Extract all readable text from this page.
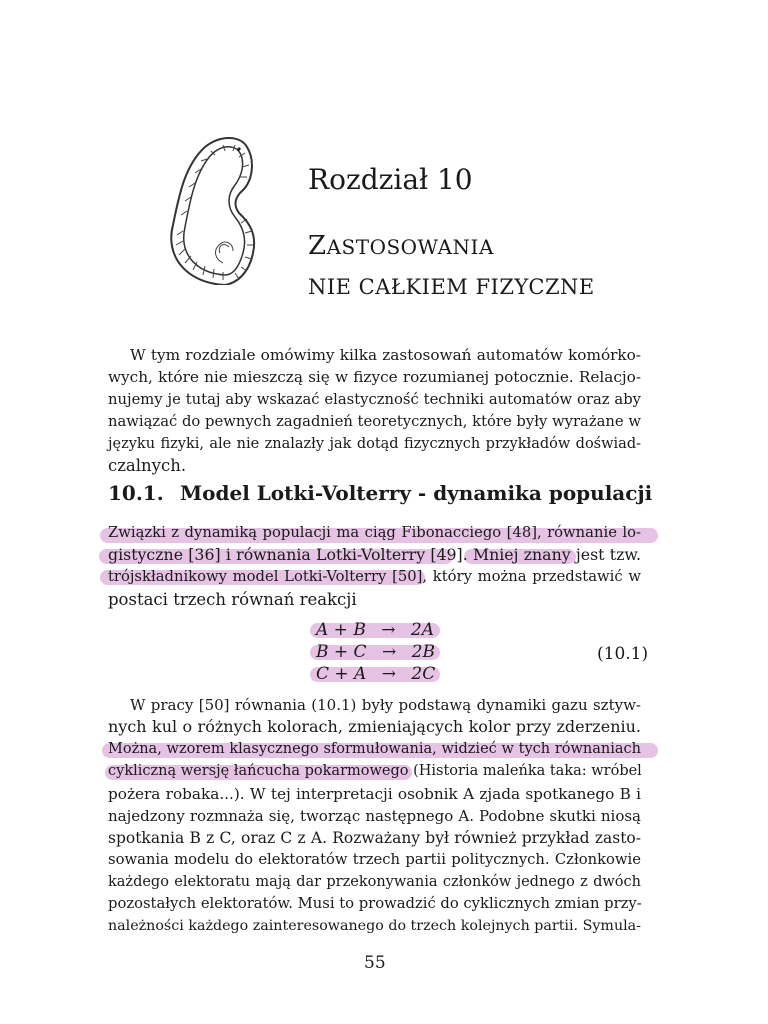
Rozdział 10
ZASTOSOWANIA
NIE CAŁKIEM FIZYCZNE
W tym rozdziale omówimy kilka zastosowań automatów komórko-
wych, które nie mieszczą się w fizyce rozumianej potocznie. Relacjo-
nujemy je tutaj aby wskazać elastyczność techniki automatów oraz aby
nawiązać do pewnych zagadnień teoretycznych, które były wyrażane w
języku fizyki, ale nie znalazły jak dotąd fizycznych przykładów doświad-
czalnych.
10.1. Model Lotki-Volterry - dynamika populacji
Związki z dynamiką populacji ma ciąg Fibonacciego [48], równanie lo-
gistyczne [36] i równania Lotki-Volterry [49]. Mniej znany jest tzw.
trójskładnikowy model Lotki-Volterry [50], który można przedstawić w
postaci trzech równań reakcji
A + B → 2A
B + C → 2B
C + A → 2C
(10.1)
W pracy [50] równania (10.1) były podstawą dynamiki gazu sztyw-
nych kul o różnych kolorach, zmieniających kolor przy zderzeniu.
Można, wzorem klasycznego sformułowania, widzieć w tych równaniach
cykliczną wersję łańcucha pokarmowego (Historia maleńka taka: wróbel
pożera robaka...). W tej interpretacji osobnik A zjada spotkanego B i
najedzony rozmnaża się, tworząc następnego A. Podobne skutki niosą
spotkania B z C, oraz C z A. Rozważany był również przykład zasto-
sowania modelu do elektoratów trzech partii politycznych. Członkowie
każdego elektoratu mają dar przekonywania członków jednego z dwóch
pozostałych elektoratów. Musi to prowadzić do cyklicznych zmian przy-
należności każdego zainteresowanego do trzech kolejnych partii. Symula-
55
